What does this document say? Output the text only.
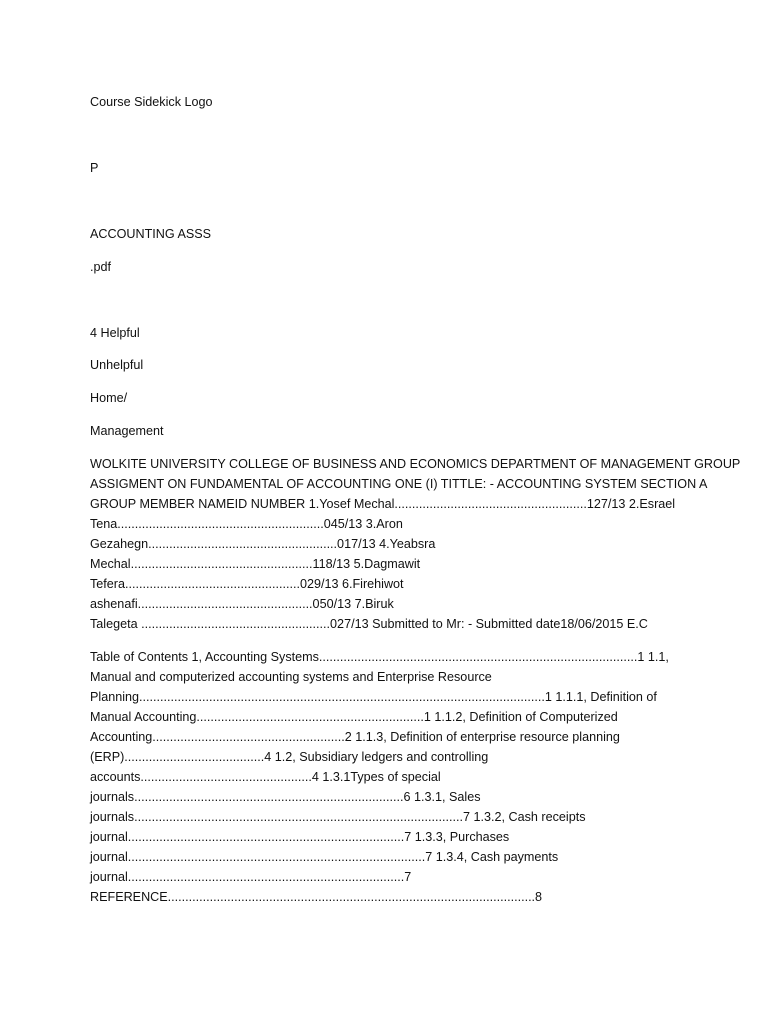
Course Sidekick Logo
P
ACCOUNTING ASSS
.pdf
4 Helpful
Unhelpful
Home/
Management
WOLKITE UNIVERSITY COLLEGE OF BUSINESS AND ECONOMICS DEPARTMENT OF MANAGEMENT GROUP
ASSIGMENT ON FUNDAMENTAL OF ACCOUNTING ONE (I) TITTLE: - ACCOUNTING SYSTEM SECTION A
GROUP MEMBER NAMEID NUMBER 1.Yosef Mechal.......................................................127/13 2.Esrael
Tena...........................................................045/13 3.Aron
Gezahegn......................................................017/13 4.Yeabsra
Mechal....................................................118/13 5.Dagmawit
Tefera..................................................029/13 6.Firehiwot
ashenafi..................................................050/13 7.Biruk
Talegeta ......................................................027/13 Submitted to Mr: - Submitted date18/06/2015 E.C
Table of Contents 1, Accounting Systems...........................................................................................1 1.1,
Manual and computerized accounting systems and Enterprise Resource
Planning....................................................................................................................1 1.1.1, Definition of
Manual Accounting.................................................................1 1.1.2, Definition of Computerized
Accounting.......................................................2 1.1.3, Definition of enterprise resource planning
(ERP)........................................4 1.2, Subsidiary ledgers and controlling
accounts.................................................4 1.3.1Types of special
journals.............................................................................6 1.3.1, Sales
journals..............................................................................................7 1.3.2, Cash receipts
journal...............................................................................7 1.3.3, Purchases
journal.....................................................................................7 1.3.4, Cash payments
journal...............................................................................7
REFERENCE.........................................................................................................8
